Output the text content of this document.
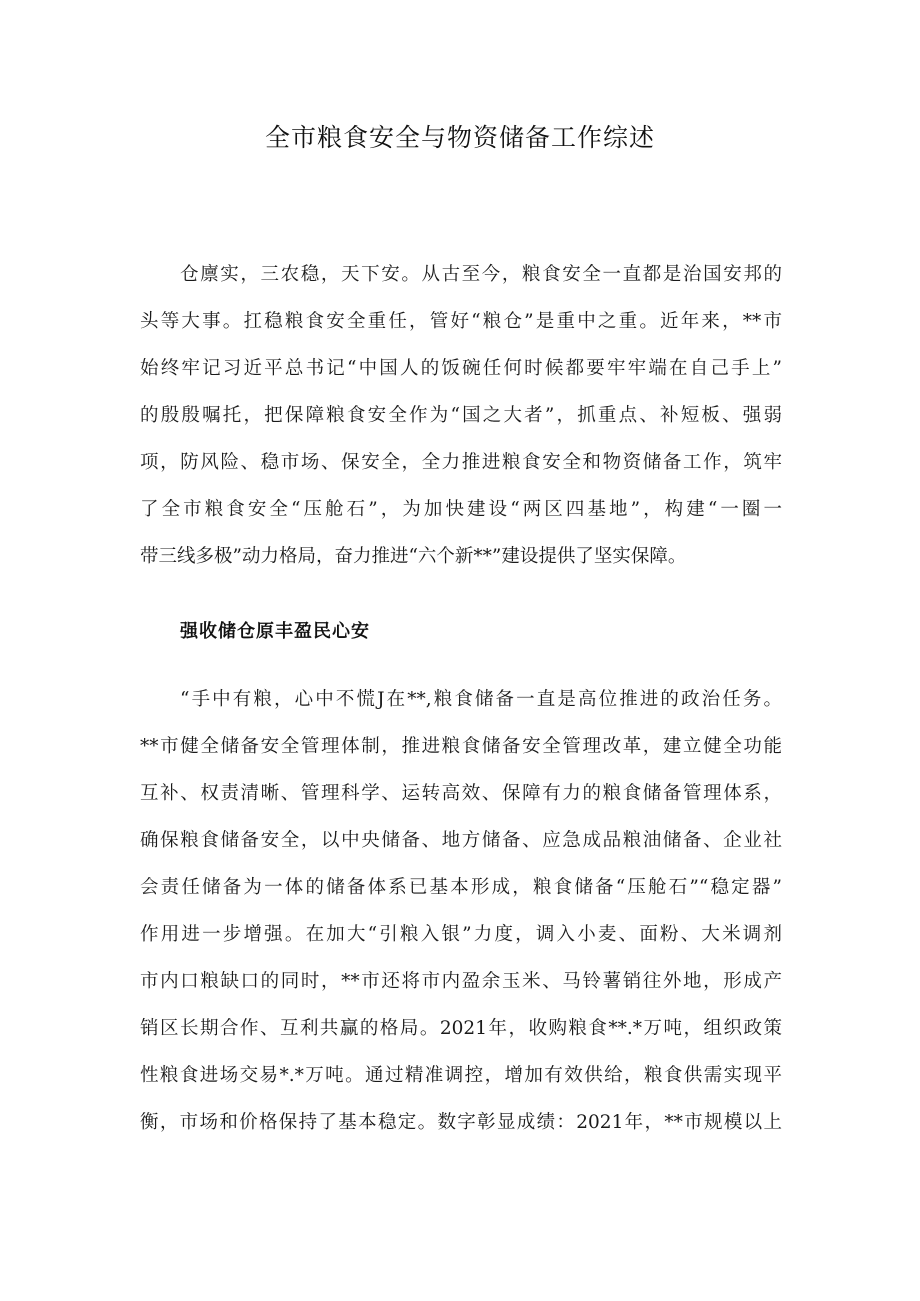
全市粮食安全与物资储备工作综述
仓廪实，三农稳，天下安。从古至今，粮食安全一直都是治国安邦的
头等大事。扛稳粮食安全重任，管好“粮仓”是重中之重。近年来，**市
始终牢记习近平总书记“中国人的饭碗任何时候都要牢牢端在自己手上”
的殷殷嘱托，把保障粮食安全作为“国之大者”，抓重点、补短板、强弱
项，防风险、稳市场、保安全，全力推进粮食安全和物资储备工作，筑牢
了全市粮食安全“压舱石”，为加快建设“两区四基地”，构建“一圈一
带三线多极”动力格局，奋力推进“六个新**”建设提供了坚实保障。
强收储仓原丰盈民心安
“手中有粮，心中不慌J在**,粮食储备一直是高位推进的政治任务。
**市健全储备安全管理体制，推进粮食储备安全管理改革，建立健全功能
互补、权责清晰、管理科学、运转高效、保障有力的粮食储备管理体系，
确保粮食储备安全，以中央储备、地方储备、应急成品粮油储备、企业社
会责任储备为一体的储备体系已基本形成，粮食储备“压舱石”“稳定器”
作用进一步增强。在加大“引粮入银”力度，调入小麦、面粉、大米调剂
市内口粮缺口的同时，**市还将市内盈余玉米、马铃薯销往外地，形成产
销区长期合作、互利共赢的格局。2021年，收购粮食**.*万吨，组织政策
性粮食进场交易*.*万吨。通过精准调控，增加有效供给，粮食供需实现平
衡，市场和价格保持了基本稳定。数字彰显成绩：2021年，**市规模以上
